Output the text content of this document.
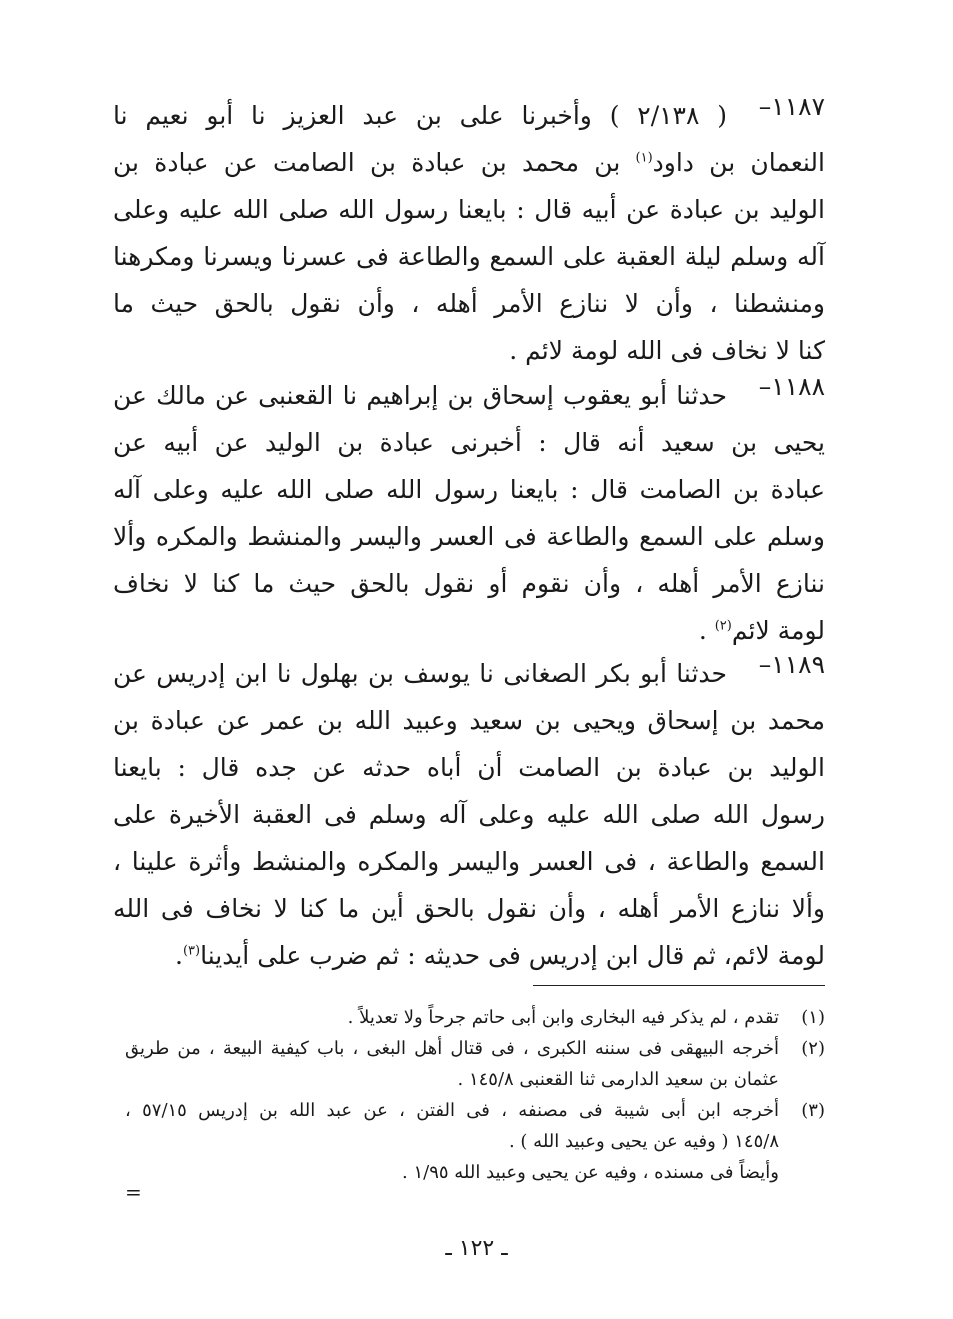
١١٨٧–
( ٢/١٣٨ ) وأخبرنا على بن عبد العزيز نا أبو نعيم نا
النعمان بن داود$^{(١)}$ بن محمد بن عبادة بن الصامت عن عبادة بن
الوليد بن عبادة عن أبيه قال : بايعنا رسول الله صلى الله عليه وعلى
آله وسلم ليلة العقبة على السمع والطاعة فى عسرنا ويسرنا ومكرهنا
ومنشطنا ، وأن لا ننازع الأمر أهله ، وأن نقول بالحق حيث ما
كنا لا نخاف فى الله لومة لائم .
١١٨٨–
حدثنا أبو يعقوب إسحاق بن إبراهيم نا القعنبى عن مالك عن
يحيى بن سعيد أنه قال : أخبرنى عبادة بن الوليد عن أبيه عن
عبادة بن الصامت قال : بايعنا رسول الله صلى الله عليه وعلى آله
وسلم على السمع والطاعة فى العسر واليسر والمنشط والمكره وألا
ننازع الأمر أهله ، وأن نقوم أو نقول بالحق حيث ما كنا لا نخاف
لومة لائم$^{(٢)}$ .
١١٨٩–
حدثنا أبو بكر الصغانى نا يوسف بن بهلول نا ابن إدريس عن
محمد بن إسحاق ويحيى بن سعيد وعبيد الله بن عمر عن عبادة بن
الوليد بن عبادة بن الصامت أن أباه حدثه عن جده قال : بايعنا
رسول الله صلى الله عليه وعلى آله وسلم فى العقبة الأخيرة على
السمع والطاعة ، فى العسر واليسر والمكره والمنشط وأثرة علينا ،
وألا ننازع الأمر أهله ، وأن نقول بالحق أين ما كنا لا نخاف فى الله
لومة لائم، ثم قال ابن إدريس فى حديثه : ثم ضرب على أيدينا$^{(٣)}$.
(١)
تقدم ، لم يذكر فيه البخارى وابن أبى حاتم جرحاً ولا تعديلاً .
(٢)
أخرجه البيهقى فى سننه الكبرى ، فى قتال أهل البغى ، باب كيفية البيعة ، من طريق
عثمان بن سعيد الدارمى ثنا القعنبى ١٤٥/٨ .
(٣)
أخرجه ابن أبى شيبة فى مصنفه ، فى الفتن ، عن عبد الله بن إدريس ٥٧/١٥ ،
١٤٥/٨ ( وفيه عن يحيى وعبيد الله ) .
وأيضاً فى مسنده ، وفيه عن يحيى وعبيد الله ١/٩٥ .
=
ـ ١٢٢ ـ
